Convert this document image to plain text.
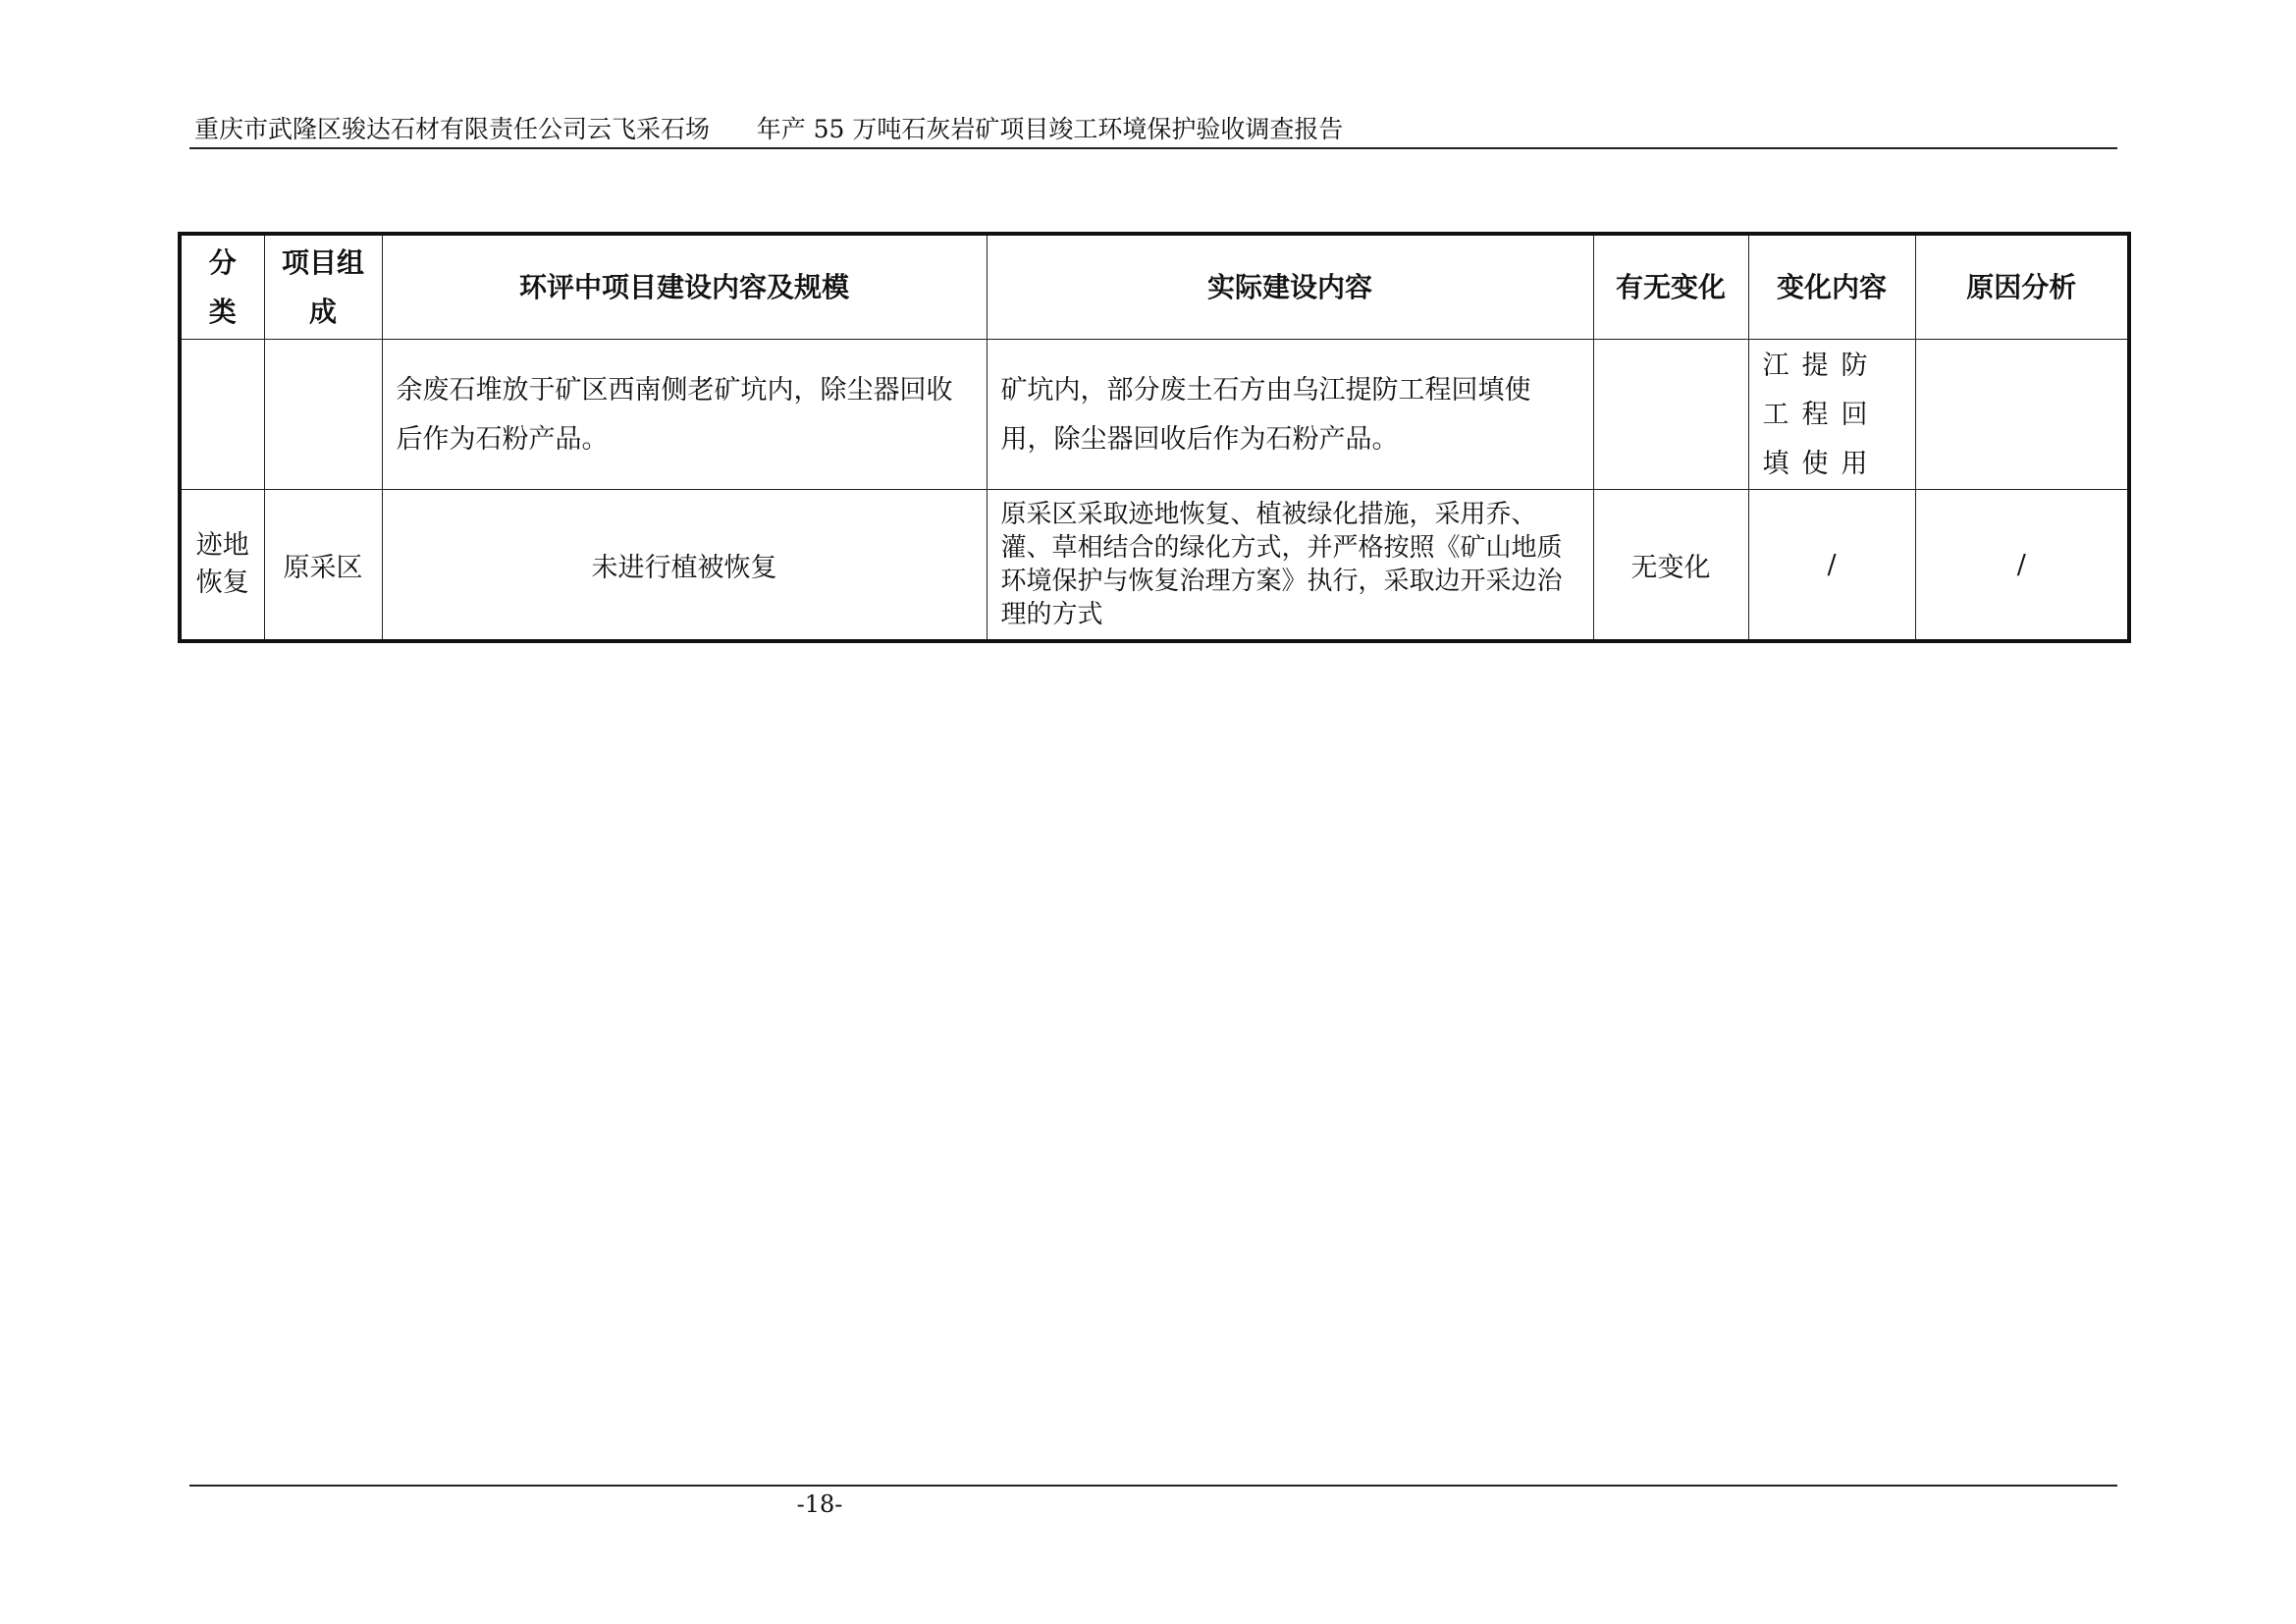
重庆市武隆区骏达石材有限责任公司云飞采石场 年产 55 万吨石灰岩矿项目竣工环境保护验收调查报告
分类	项目组成	环评中项目建设内容及规模	实际建设内容	有无变化	变化内容	原因分析

		余废石堆放于矿区西南侧老矿坑内，除尘器回收后作为石粉产品。	矿坑内，部分废土石方由乌江提防工程回填使用，除尘器回收后作为石粉产品。		江提防工程回填使用	

迹地恢复	原采区	未进行植被恢复	原采区采取迹地恢复、植被绿化措施，采用乔、灌、草相结合的绿化方式，并严格按照《矿山地质环境保护与恢复治理方案》执行，采取边开采边治理的方式	无变化	/	/
-18-
